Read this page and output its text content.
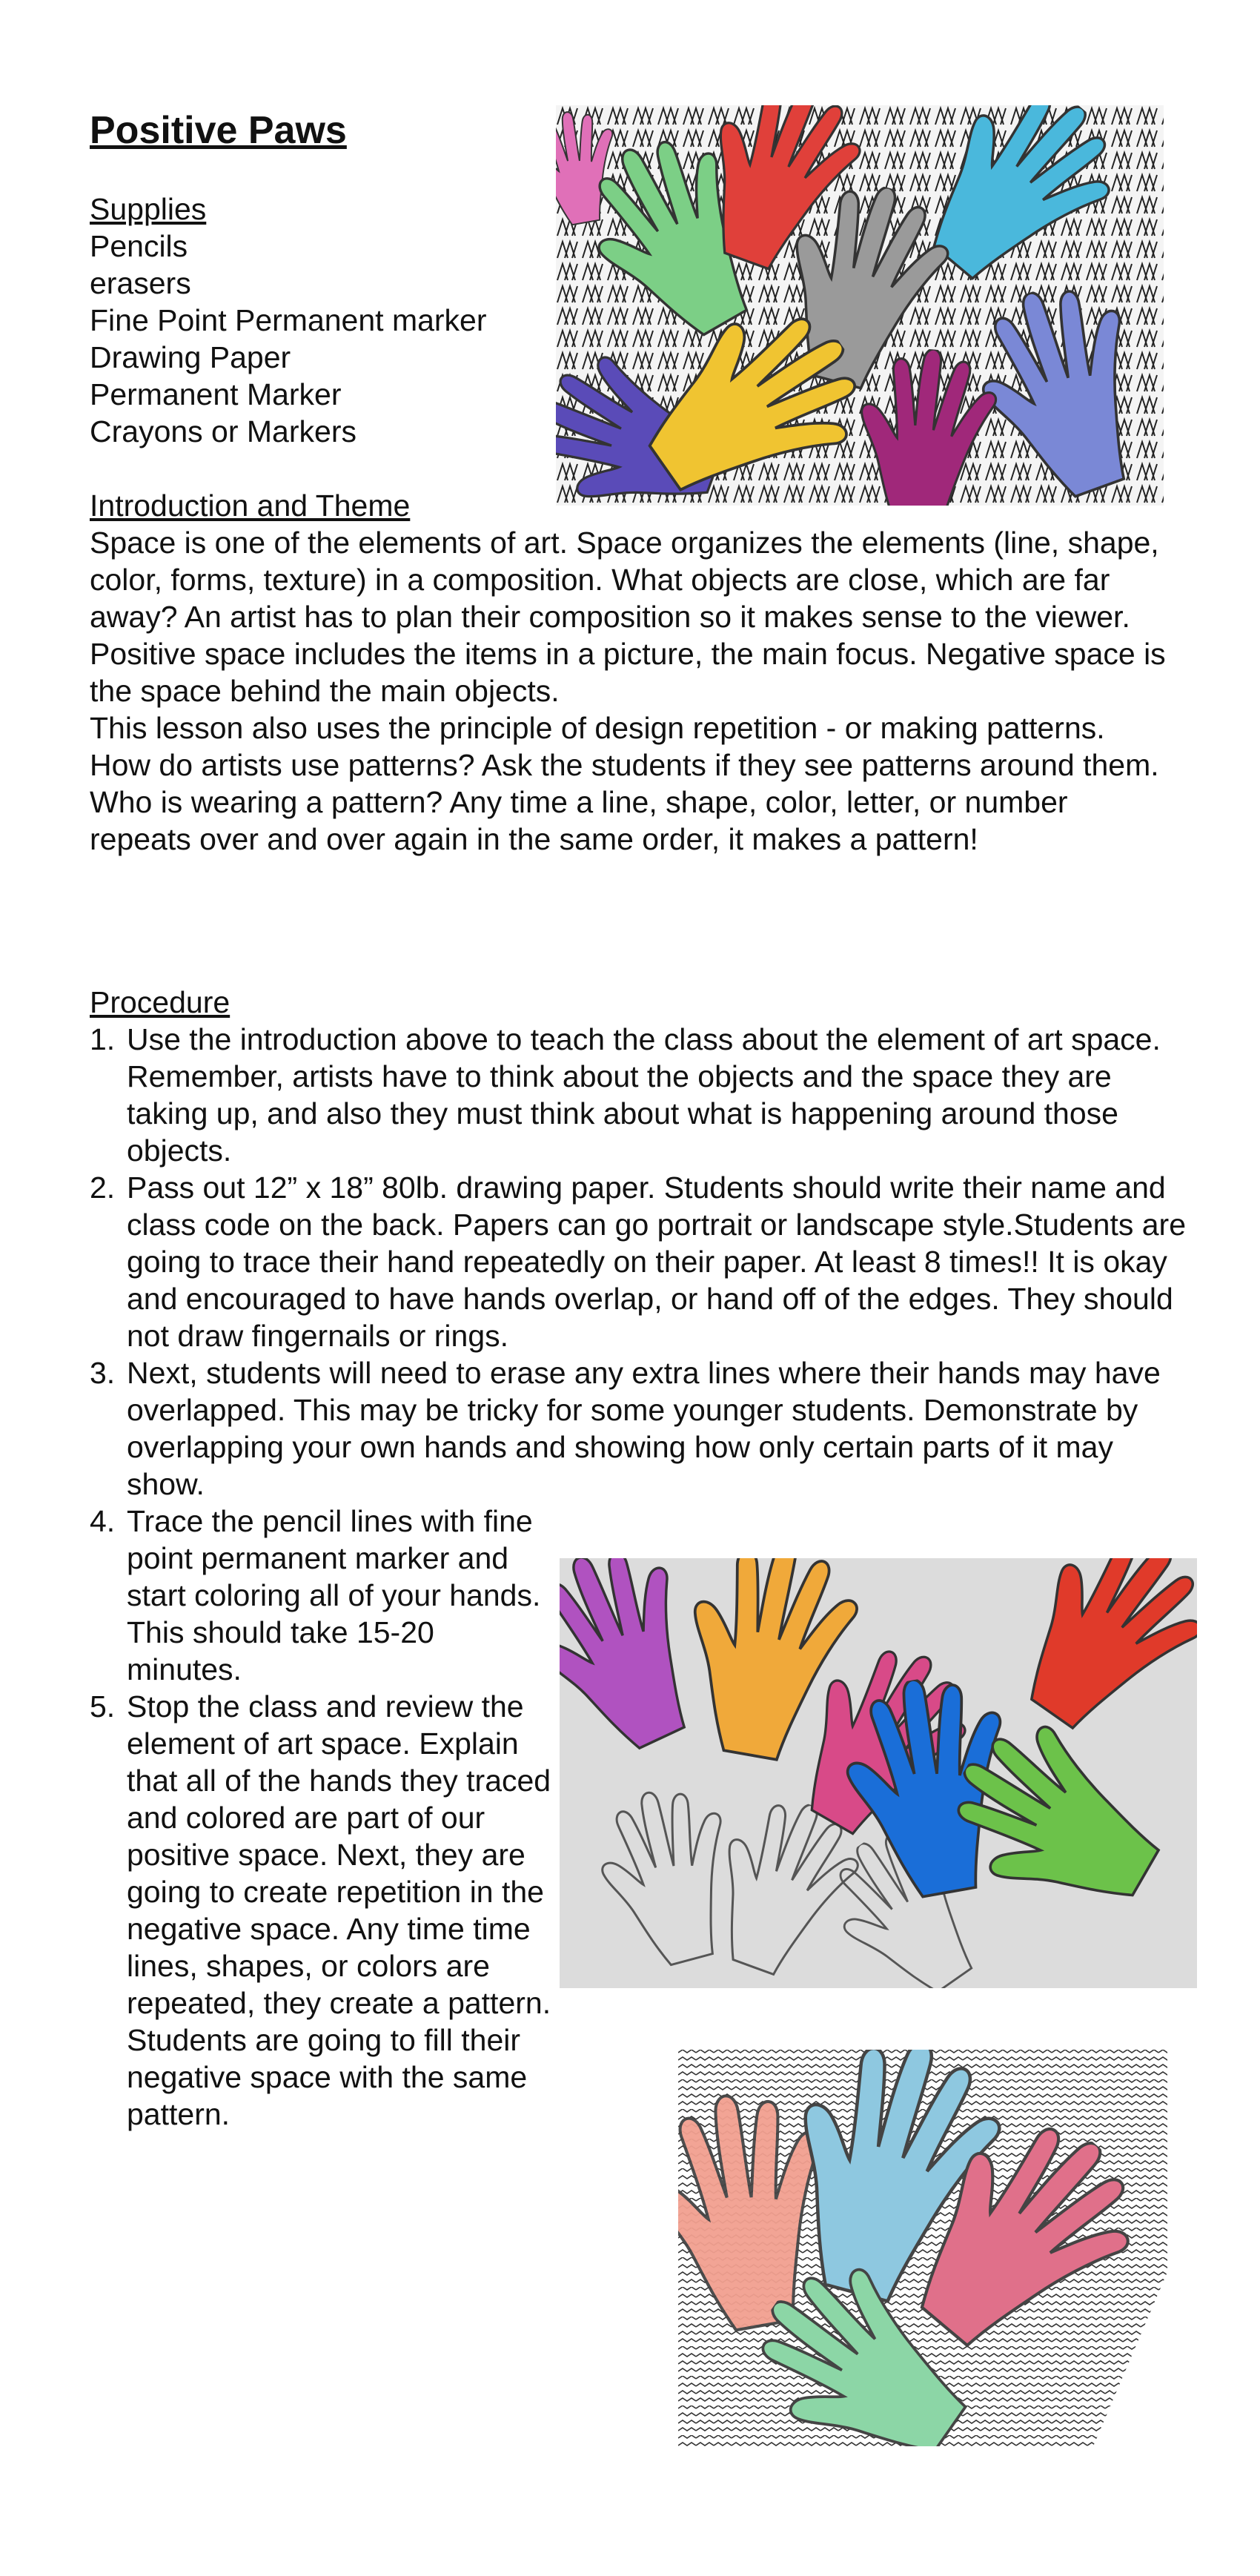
Positive Paws
Supplies
Pencils
erasers
Fine Point Permanent marker
Drawing Paper
Permanent Marker
Crayons or Markers
Introduction and Theme

Space is one of the elements of art. Space organizes the elements (line, shape, color, forms, texture) in a composition. What objects are close, which are far away? An artist has to plan their composition so it makes sense to the viewer. Positive space includes the items in a picture, the main focus. Negative space is the space behind the main objects.

This lesson also uses the principle of design repetition - or making patterns. How do artists use patterns? Ask the students if they see patterns around them. Who is wearing a pattern? Any time a line, shape, color, letter, or number repeats over and over again in the same order, it makes a pattern!

Procedure
1. Use the introduction above to teach the class about the element of art space. Remember, artists have to think about the objects and the space they are taking up, and also they must think about what is happening around those objects.
2. Pass out 12” x 18” 80lb. drawing paper. Students should write their name and class code on the back. Papers can go portrait or landscape style.Students are going to trace their hand repeatedly on their paper. At least 8 times!! It is okay and encouraged to have hands overlap, or hand off of the edges. They should not draw fingernails or rings.
3. Next, students will need to erase any extra lines where their hands may have overlapped. This may be tricky for some younger students. Demonstrate by overlapping your own hands and showing how only certain parts of it may show.
4. Trace the pencil lines with fine point permanent marker and start coloring all of your hands. This should take 15-20 minutes.
5. Stop the class and review the element of art space. Explain that all of the hands they traced and colored are part of our positive space. Next, they are going to create repetition in the negative space. Any time time lines, shapes, or colors are repeated, they create a pattern. Students are going to fill their negative space with the same pattern.
